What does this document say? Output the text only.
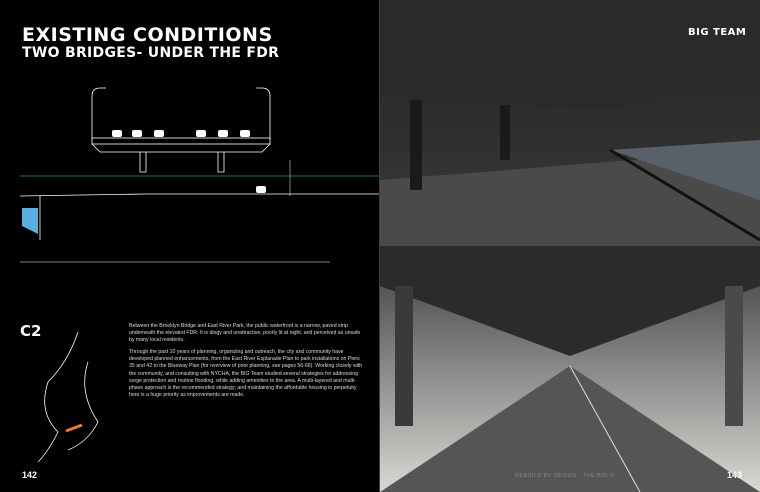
EXISTING CONDITIONS
TWO BRIDGES- UNDER THE FDR
C2	Between the Brooklyn Bridge and East River Park, the public waterfront is a narrow, paved strip underneath the elevated FDR. It is dingy and unattractive, poorly lit at night, and perceived as unsafe by many local residents.

Through the past 10 years of planning, organizing and outreach, the city and community have developed planned enhancements, from the East River Esplanade Plan to park installations on Piers 35 and 42 to the Blueway Plan (for overview of prior planning, see pages 56-66). Working closely with the community, and consulting with NYCHA, the BIG Team studied several strategies for addressing surge protection and routine flooding, while adding amenities to the area. A multi-layered and multi-phase approach is the recommended strategy; and maintaining the affordable housing in perpetuity here is a huge priority as improvements are made.

142
BIG TEAM
REBUILD BY DESIGN - THE BIG U	143
